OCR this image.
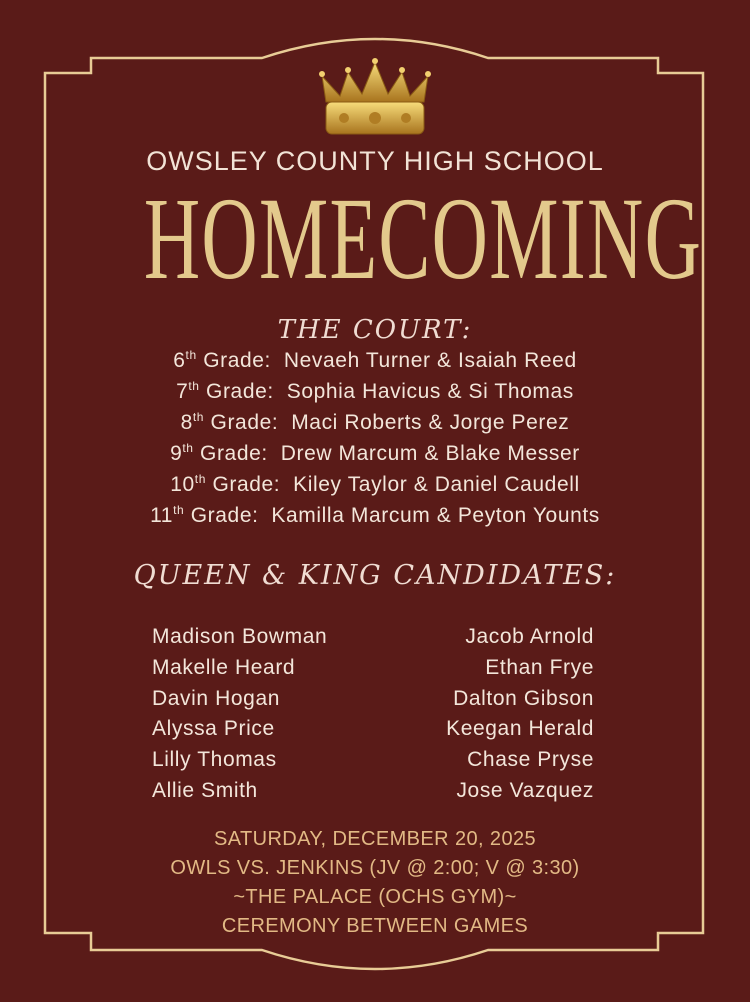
OWSLEY COUNTY HIGH SCHOOL
HOMECOMING
THE COURT:
6th Grade: Nevaeh Turner & Isaiah Reed
7th Grade: Sophia Havicus & Si Thomas
8th Grade: Maci Roberts & Jorge Perez
9th Grade: Drew Marcum & Blake Messer
10th Grade: Kiley Taylor & Daniel Caudell
11th Grade: Kamilla Marcum & Peyton Younts
QUEEN & KING CANDIDATES:
Madison Bowman	Jacob Arnold
Makelle Heard	Ethan Frye
Davin Hogan	Dalton Gibson
Alyssa Price	Keegan Herald
Lilly Thomas	Chase Pryse
Allie Smith	Jose Vazquez
SATURDAY, DECEMBER 20, 2025
OWLS VS. JENKINS (JV @ 2:00; V @ 3:30)
~THE PALACE (OCHS GYM)~
CEREMONY BETWEEN GAMES
